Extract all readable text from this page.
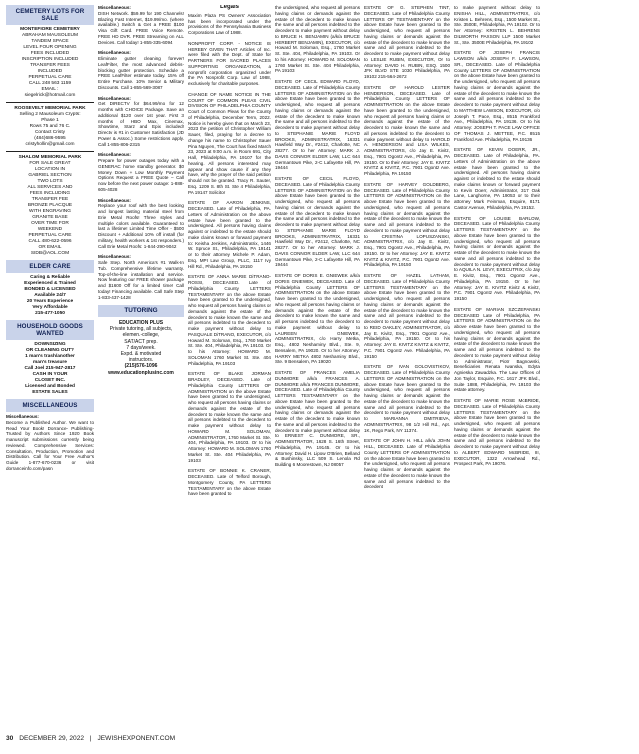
CEMETERY LOTS FOR SALE
MONTEFIORE CEMETERY
ABRAHAM MAUSOLEUM
TANDEM SPACE
LEVEL FOUR OPENING
FEES INCLUDED
INSCRIPTION INCLUDED
TRANSFER FEES
INCLUDED
PERPETUAL CARE
CALL 248 563 1159
EMAIL :
siegelrick@hotmail.com
ROOSEVELT MEMORIAL PARK
Selling 2 Mausoleum Crypts:
Phase 1
Rows 75 and 76 C.
Contact Cristy
(484)686-9595
cristyhollin@gmail.com
SHALOM MEMORIAL PARK
FOR SALE GREAT
LOCATION IN
GABRIEL SECTION
TWO LOTS
ALL SERVICES AND
FEES INCLUDING
TRANSFER FEE
BRONZE PLACQUE
WITH ENGRAVING
GRANITE BASE
OVER TIME FOR
WEEKEND
PERPETUAL CARE
CALL 480-622-0596
OR EMAIL
SIDB@AOL.COM
ELDER CARE
Caring & Reliable
Experienced & Trained
BONDED & LICENSED
Available 24/7
20 Years Experience
Very Affordable
215-477-1050
HOUSEHOLD GOODS WANTED
DOWNSIZING
OR CLEANING OUT?
1 man's trash/another
man's treasure
Call Joel 215-947-2817
CASH IN YOUR
CLOSET INC.
Licensed and Bonded
ESTATE SALES
MISCELLANEOUS
Miscellaneous:

Become a Published Author. We want to Read Your Book! Dorrance- Publishing-Trusted by Authors Since 1920 Book manuscript submissions currently being reviewed. Comprehensive Services: Consultation, Production, Promotion and Distribution. Call for Your Free Author's Guide 1-877-670-0236 or visit dorranceinfo.com/pasn

Miscellaneous:

DISH Network. $59.99 for 190 Channels! Blazing Fast Internet, $19.99/mo. (where available.) Switch & Get a FREE $100 Visa Gift Card. FREE Voice Remote. FREE HD DVR. FREE Streaming on ALL Devices. Call today! 1-855-335-6094

Miscellaneous:

Eliminate gutter cleaning forever! LeafFilter, the most advanced debris-blocking gutter protection. Schedule a FREE LeafFilter estimate today. 15% off Entire Purchase. 10% Senior & Military Discounts. Call 1-855-569-3087

Miscellaneous:

Get DIRECTV for $64.99/mo for 12 months with CHOICE Package. Save an additional $120 over 1st year. First 3 months of HBO Max, Cinemax, Showtime, Starz and Epix included! Directv is #1 in Customer Satisfaction (JD Power & Assoc.) Some restrictions apply. Call 1-855-806-2315

Miscellaneous:

Prepare for power outages today with a GENERAC home standby generator. $0 Money Down + Low Monthly Payment Options Request a FREE Quote – Call now before the next power outage: 1-888-605-4028

Miscellaneous:

Replace your roof with the best looking and longest lasting material steel from Erie Metal Roofs! Three styles and multiple colors available. Guaranteed to last a lifetime! Limited Time Offer - $500 Discount + Additional 10% off install (for military, health workers & 1st responders.) Call Erie Metal Roofs: 1-844-290-9042

Miscellaneous:

Safe Step. North America's #1 Walk-In Tub. Comprehensive lifetime warranty. Top-of-the-line installation and service. Now featuring our FREE shower package and $1600 Off for a limited time! Call today! Financing available. Call Safe Step 1-833-437-1428

TUTORING
EDUCATION PLUS
Private tutoring, all subjects,
elemen.-college,
SAT/ACT prep.
7 days/week.
Expd. & motivated
instructors.
(215)576-1096
www.educationplusinc.com
Legals
Maxim Plaza PS Owners' Association has been incorporated under the provisions of the Pennsylvania Business Corporations Law of 1988.
NONPROFIT CORP. - NOTICE IS HEREBY GIVEN THAT Articles of Inc. were filed with the Dept. of State for PARTNERS FOR SACRED PLACES SUPPORTING ORGANIZATION, a nonprofit corporation organized under the PA Nonprofit Corp. Law of 1988, exclusively for charitable purposes.
CHANGE OF NAME NOTICE IN THE COURT OF COMMON PLEAS CIVIL DIVISION OF PHILADELPHIA COUNTY Court of Common Pleas for the County of Philadelphia, December Term, 2022. Notice is hereby given that on March 23, 2023 the petition of Christopher William Sauer, filed, praying for a decree to change his name to Christopher Sauer Pina Nguyen, The Court has fixed March 23, 2023 at 9:00 a.m. in Room 691, City Hall, Philadelphia, PA 19107 for the hearing. All persons interested may appear and show cause if any they have, why the prayer of the said petition should not be granted. Tracy R. Sauter, Esq. 1209 S. 8th St. Ste 4 Philadelphia, PA 19147 Solicitor
ESTATE OF AARON JENKINS, DECEASED. Late of Philadelphia, PA. Letters of Administration on the above estate have been granted to the undersigned. All persons having claims against or indebted to the estate should make claims known or forward payment to: Keisha Jenkins, Administratrix, 1446 W. Spruce St., Philadelphia, PA 19141 or to their attorney Michele P. Adam, Esq. MPI Law Group, PLLC, 1117 Ivy Hill Rd., Philadelphia, PA 19150
ESTATE OF ANNA MARIE DiTRANO-ROSSI, DECEASED. Late of Philadelphia County LETTERS TESTAMENTARY on the above Estate have been granted to the undersigned, who request all persons having claims or demands against the estate of the decedent to make known the same and all persons indebted to the decedent to make payment without delay to PASQUALE DiTRANO, EXECUTOR, c/o Howard M. Soloman, Esq., 1760 Market St. Ste. 404, Philadelphia, PA 19103. Or to his Attorney: HOWARD M. SOLOMAN 1760 Market St. Ste. 404 Philadelphia, PA 19103
ESTATE OF BLAKE JORMAN BRADLEY, DECEASED. Late of Philadelphia County LETTERS OF ADMINISTRATION on the above Estate have been granted to the undersigned, who request all persons having claims or demands against the estate of the decedent to make known the same and all persons indebted to the decedent to make payment without delay to HOWARD M. SOLOMAN, ADMINISTRATOR, 1760 Market St. Ste. 404, Philadelphia, PA 19103. Or to his Attorney: HOWARD M. SOLOMAN 1760 Market St. Ste. 404 Philadelphia, PA 19103
ESTATE OF BONNIE K. CRANER, DECEASED. Late of Telford Borough, Montgomery County, PA LETTERS TESTAMENTARY on the above Estate have been granted to
the undersigned, who request all persons having claims or demands against the estate of the decedent to make known the same and all persons indebted to the decedent to make payment without delay to BRUCE H. BENJAMIN (a/k/a BRUCE HERBERT BENJAMIN), EXECUTOR, c/o Howard M. Soloman, Esq., 1760 Market St. Ste. 404, Philadelphia, PA 19103. Or to his Attorney: HOWARD M. SOLOMAN 1760 Market St. Ste. 404 Philadelphia, PA 19103
ESTATE OF CECIL EDWARD FLOYD, DECEASED. Late of Philadelphia County LETTERS OF ADMINISTRATION on the above Estate have been granted to the undersigned, who request all persons having claims or demands against the estate of the decedent to make known the same and all persons indebted to the decedent to make payment without delay to STEPHANIE MARIE FLOYD BROOKS, ADMINISTRATRIX, 16331 Hawfield Way Dr., #2412, Charlotte, NC 28277. Or to her Attorney: MARK J. DAVIS CONNOR ELDER LAW, LLC 644 Germantown Pike, 2-C Lafayette Hill, PA 19444
ESTATE OF CECIL FLOYD, DECEASED. Late of Philadelphia County LETTERS OF ADMINISTRATION on the above Estate have been granted to the undersigned, who request all persons having claims or demands against the estate of the decedent to make known the same and all persons indebted to the decedent to make payment without delay to STEPHANIE MARIE FLOYD BROOKS, ADMINISTRATRIX, 16331 Hawfield Way Dr., #2412, Charlotte, NC 28277. Or to her Attorney: MARK J. DAVIS CONNOR ELDER LAW, LLC 644 Germantown Pike, 2-C Lafayette Hill, PA 19444
ESTATE OF DORIS E. GNIEWEK a/k/a DORIS GNIEWEK, DECEASED. Late of Philadelphia County LETTERS OF ADMINISTRATION on the above Estate have been granted to the undersigned, who request all persons having claims or demands against the estate of the decedent to make known the same and all persons indebted to the decedent to make payment without delay to LAUREEN GNIEWEK, ADMINISTRATRIX, c/o Harry Metka, Esq., 4802 Neshaminy Blvd., Ste. 9, Bensalem, PA 19020. Or to her Attorney: HARRY METKA 4802 Neshaminy Blvd., Ste. 9 Bensalem, PA 19020
ESTATE OF FRANCES AMELIA DUNMORE a/k/a FRANCES A. DUNMORE a/k/a FRANCES DUNMORE, DECEASED. Late of Philadelphia County LETTERS TESTAMENTARY on the above Estate have been granted to the undersigned, who request all persons having claims or demands against the estate of the decedent to make known the same and all persons indebted to the decedent to make payment without delay to ERNEST C. DUNMORE, SR., ADMINISTRATOR, 1628 S. 16th Street, Philadelphia, PA 19145. Or to his Attorney: David H. Lipow O'Brien, Belland & Bushinsky, LLC 509 S. Lenola Rd Building 6 Moorestown, NJ 08057
ESTATE OF G. STEPHEN TINT, DECEASED. Late of Philadelphia County LETTERS OF TESTAMENTARY on the above Estate have been granted to the undersigned, who request all persons having claims or demands against the estate of the decedent to make known the same and all persons indebted to the decedent to make payment without delay to LESLIE RUBIN, EXECUTOR, Or to Attorney: DAVID H. RUBIN, ESQ. 1500 JFK BLVD STE 1030 Philadelphia, PA 19102 215-564-2672
ESTATE OF HAROLD LESTER HENDERSON, DECEASED. Late of Philadelphia County LETTERS OF ADMINISTRATION on the above Estate have been granted to the undersigned, who request all persons having claims or demands against the estate of the decedent to make known the same and all persons indebted to the decedent to make payment without delay to HAROLD A. HENDERSON and LISA WILKES, ADMINISTRATORS, c/o Jay E. Kivitz, Esq., 7901 Ogontz Ave., Philadelphia, PA 19150. Or to their Attorney: JAY E. KIVITZ KIVITZ & KIVITZ, P.C. 7901 Ogontz Ave. Philadelphia, PA 19150
ESTATE OF HARVEY GOLDBERG, DECEASED. Late of Philadelphia County LETTERS OF ADMINISTRATION on the above Estate have been granted to the undersigned, who request all persons having claims or demands against the estate of the decedent to make known the same and all persons indebted to the decedent to make payment without delay to CRISTINA LOPUSZANSKI, ADMINISTRATRIX, c/o Jay E. Kivitz, Esq., 7901 Ogontz Ave., Philadelphia, PA 19150. Or to her Attorney: JAY E. KIVITZ KIVITZ & KIVITZ, P.C. 7901 Ogontz Ave. Philadelphia, PA 19150
ESTATE OF HAZEL LATHAM, DECEASED. Late of Philadelphia County LETTERS TESTAMENTARY on the above Estate have been granted to the undersigned, who request all persons having claims or demands against the estate of the decedent to make known the same and all persons indebted to the decedent to make payment without delay to REID OAKLEY, ADMINISTRATOR, c/o Jay E. Kivitz, Esq., 7901 Ogontz Ave., Philadelphia, PA 19150. Or to his Attorney: JAY E. KIVITZ KIVITZ & KIVITZ, P.C. 7901 Ogontz Ave. Philadelphia, PA 19150
ESTATE OF IVAN GOLOVISTIKOV, DECEASED. Late of Philadelphia County LETTERS OF ADMINISTRATION on the above Estate have been granted to the undersigned, who request all persons having claims or demands against the estate of the decedent to make known the same and all persons indebted to the decedent to make payment without delay to MARIANNA DMITRIEVA, ADMINISTRATRIX, 98 1/2 Hill Rd., Apt. 1K, Rego Park, NY 11374.
ESTATE OF JOHN H. HILL a/k/a JOHN HILL, DECEASED. Late of Philadelphia County LETTERS OF ADMINISTRATION on the above Estate have been granted to the undersigned, who request all persons having claims or demands against the estate of the decedent to make known the same and all persons indebted to the decedent
to make payment without delay to ENISHA HILL, ADMINISTRATRIX, c/o Kristen L. Behrens, Esq., 1500 Market St., Ste. 3500E, Philadelphia, PA 19102. Or to her Attorney: KRISTEN L. BEHRENS DILWORTH PAXSON LLP 1500 Market St., Ste. 3500E Philadelphia, PA 19102
ESTATE OF JOSEPH FRANCIS LAWSON a/k/a JOSEPH F. LAWSON, SR., DECEASED. Late of Philadelphia County LETTERS OF ADMINISTRATION on the above Estate have been granted to the undersigned, who request all persons having claims or demands against the estate of the decedent to make known the same and all persons indebted to the decedent to make payment without delay to MATTHEW LAWSON, EXECUTOR, c/o Joseph T. Pace, Esq., 8515 Frankford Ave., Philadelphia, PA 19136. Or to his Attorney: JOSEPH T. PACE LAW OFFICE OF THOMAS J. METTEE, P.C. 8515 Frankford Ave. Philadelphia, PA 19136
ESTATE OF KEVIN DOERR, JR., DECEASED. Late of Philadelphia, PA. Letters of Administration on the above estate have been granted to the undersigned. All persons having claims against or indebted to the estate should make claims known or forward payment to Kevin Doerr, Administrator, 317 Oak Lane, Langhorne, PA 19053 or to their attorney Mark Feinman, Esquire, 8171 Castor Avenue, Philadelphia, PA 19152.
ESTATE OF LOUISE BARLOW, DECEASED. Late of Philadelphia County LETTERS TESTAMENTARY on the above Estate have been granted to the undersigned, who request all persons having claims or demands against the estate of the decedent to make known the same and all persons indebted to the decedent to make payment without delay to AQUILA N. LEVY, EXECUTRIX, c/o Jay E. Kivitz, Esq., 7901 Ogontz Ave., Philadelphia, PA 19150. Or to her Attorney: JAY E. KIVITZ Kivitz & Kivitz, P.C. 7901 Ogontz Ave. Philadelphia, PA 19150
ESTATE OF MARIAN SZCZEPANSKI DECEASED Late of Philadelphia, PA LETTERS OF ADMINISTRATION on the above estate have been granted to the undersigned, who request all persons having claims or demands against the estate of the decedent to make known the same and all persons indebted to the decedent to make payment without delay to Administrator, Piotr Bagnowski, Beneficiaries Renata Iwanska, Edyta Agnieska Zawadzka. The Law Offices of Jon Taylor, Esquire, P.C. 1617 JFK Blvd., Suite 1888, Philadelphia, PA 19103 the estate attorney.
ESTATE OF MARIE ROSE McBRIDE, DECEASED. Late of Philadelphia County LETTERS TESTAMENTARY on the above Estate have been granted to the undersigned, who request all persons having claims or demands against the estate of the decedent to make known the same and all persons indebted to the decedent to make payment without delay to ALBERT EDWARD McBRIDE, III, EXECUTOR, 1322 Arrowhead Rd., Prospect Park, PA 19076.
30 DECEMBER 29, 2022 | JEWISHEXPONENT.COM
